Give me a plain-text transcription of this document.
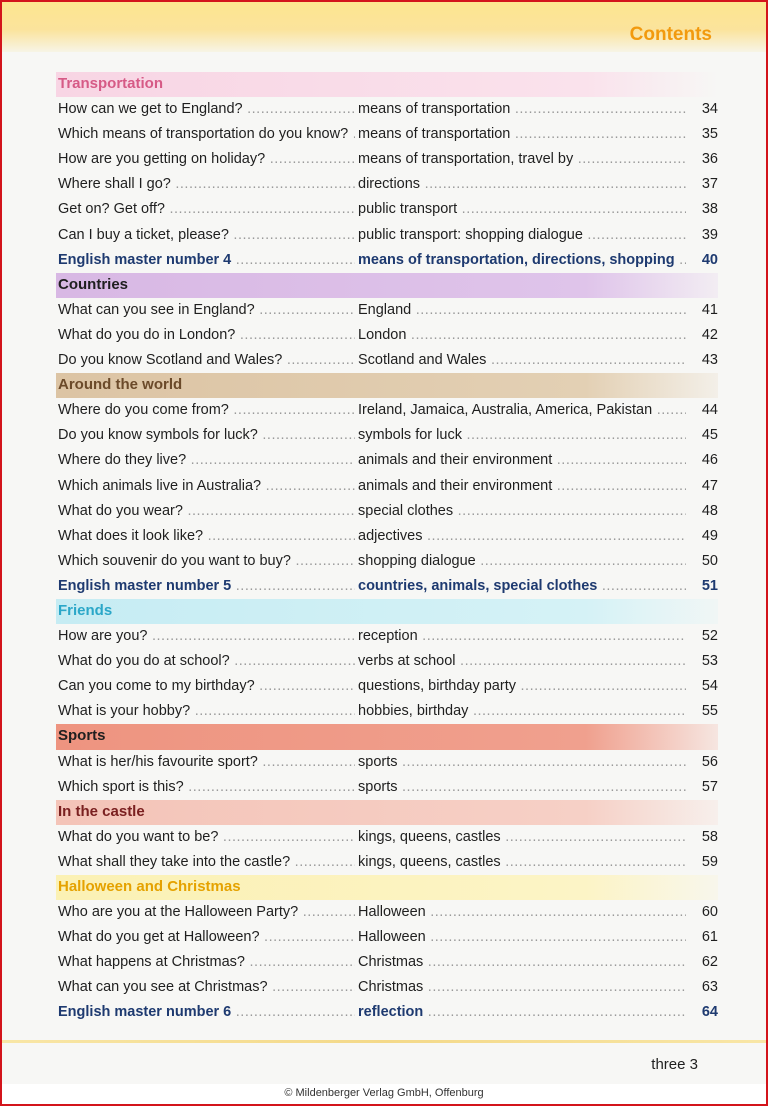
Contents
Transportation
How can we get to England? .....	means of transportation .....	34
Which means of transportation do you know? ..... means of transportation .....	35
How are you getting on holiday? .....	means of transportation, travel by .....	36
Where shall I go? .....	directions .....	37
Get on? Get off? .....	public transport .....	38
Can I buy a ticket, please? .....	public transport: shopping dialogue .....	39
English master number 4 .....	means of transportation, directions, shopping .....	40
Countries
What can you see in England? .....	England .....	41
What do you do in London? .....	London .....	42
Do you know Scotland and Wales? .....	Scotland and Wales .....	43
Around the world
Where do you come from? .....	Ireland, Jamaica, Australia, America, Pakistan .....	44
Do you know symbols for luck? .....	symbols for luck .....	45
Where do they live? .....	animals and their environment .....	46
Which animals live in Australia? .....	animals and their environment .....	47
What do you wear? .....	special clothes .....	48
What does it look like? .....	adjectives .....	49
Which souvenir do you want to buy? .....	shopping dialogue .....	50
English master number 5 .....	countries, animals, special clothes .....	51
Friends
How are you? .....	reception .....	52
What do you do at school? .....	verbs at school .....	53
Can you come to my birthday? .....	questions, birthday party .....	54
What is your hobby? .....	hobbies, birthday .....	55
Sports
What is her/his favourite sport? .....	sports .....	56
Which sport is this? .....	sports .....	57
In the castle
What do you want to be? .....	kings, queens, castles .....	58
What shall they take into the castle? .....	kings, queens, castles .....	59
Halloween and Christmas
Who are you at the Halloween Party? .....	Halloween .....	60
What do you get at Halloween? .....	Halloween .....	61
What happens at Christmas? .....	Christmas .....	62
What can you see at Christmas? .....	Christmas .....	63
English master number 6 .....	reflection .....	64
three 3
© Mildenberger Verlag GmbH, Offenburg
